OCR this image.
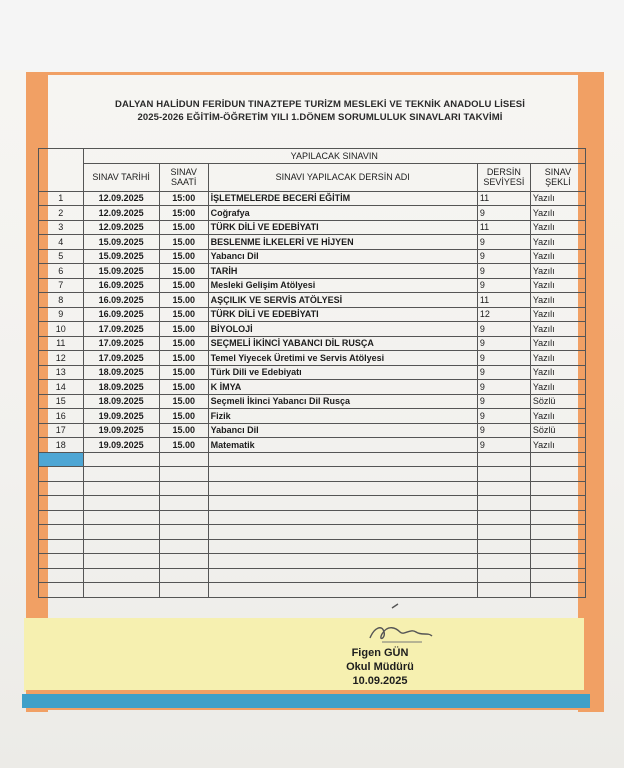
DALYAN HALİDUN FERİDUN TINAZTEPE TURİZM MESLEKİ VE TEKNİK ANADOLU LİSESİ
2025-2026 EĞİTİM-ÖĞRETİM YILI 1.DÖNEM SORUMLULUK SINAVLARI TAKVİMİ
	YAPILACAK SINAVIN				
	SINAV TARİHİ	SINAV SAATİ	SINAVI YAPILACAK DERSİN ADI	DERSİN SEVİYESİ	SINAV ŞEKLİ
1	12.09.2025	15:00	İŞLETMELERDE BECERİ EĞİTİM	11	Yazılı
2	12.09.2025	15:00	Coğrafya	9	Yazılı
3	12.09.2025	15.00	TÜRK DİLİ VE EDEBİYATI	11	Yazılı
4	15.09.2025	15.00	BESLENME İLKELERİ VE HİJYEN	9	Yazılı
5	15.09.2025	15.00	Yabancı Dil	9	Yazılı
6	15.09.2025	15.00	TARİH	9	Yazılı
7	16.09.2025	15.00	Mesleki Gelişim Atölyesi	9	Yazılı
8	16.09.2025	15.00	AŞÇILIK VE SERVİS ATÖLYESİ	11	Yazılı
9	16.09.2025	15.00	TÜRK DİLİ VE EDEBİYATI	12	Yazılı
10	17.09.2025	15.00	BİYOLOJİ	9	Yazılı
11	17.09.2025	15.00	SEÇMELİ İKİNCİ YABANCI DİL RUSÇA	9	Yazılı
12	17.09.2025	15.00	Temel Yiyecek Üretimi ve Servis Atölyesi	9	Yazılı
13	18.09.2025	15.00	Türk Dili ve Edebiyatı	9	Yazılı
14	18.09.2025	15.00	K İMYA	9	Yazılı
15	18.09.2025	15.00	Seçmeli İkinci Yabancı Dil Rusça	9	Sözlü
16	19.09.2025	15.00	Fizik	9	Yazılı
17	19.09.2025	15.00	Yabancı Dil	9	Sözlü
18	19.09.2025	15.00	Matematik	9	Yazılı

Figen GÜN
Okul Müdürü
10.09.2025
